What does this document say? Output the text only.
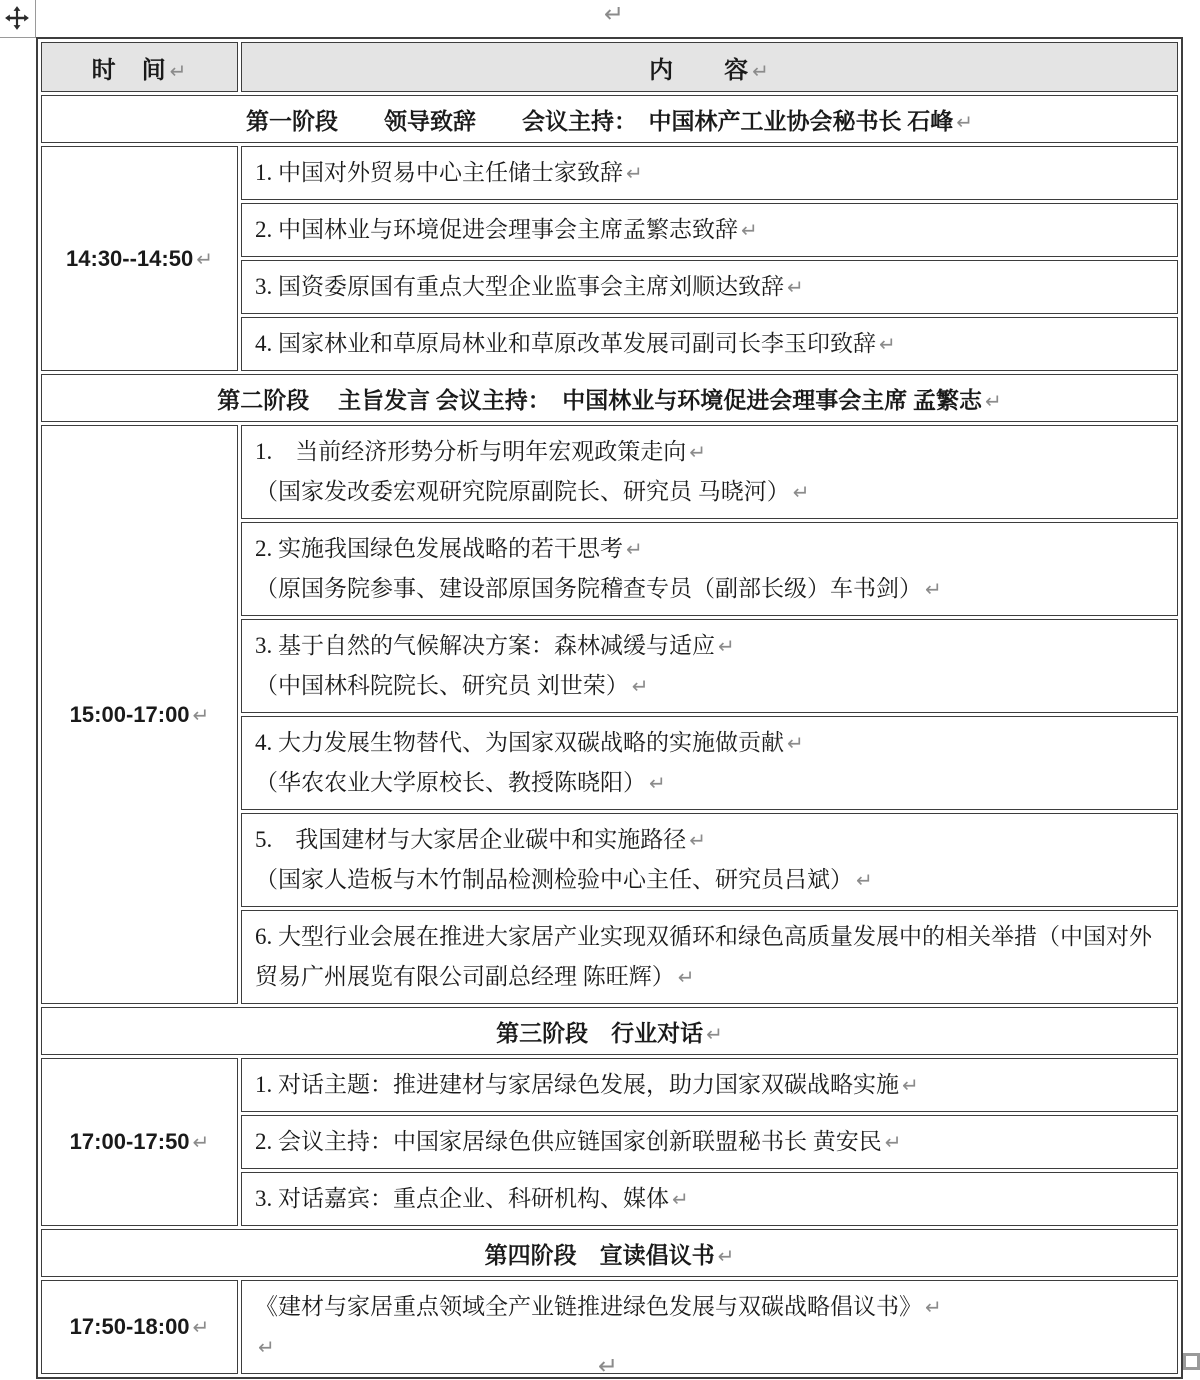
↵
时　间 ↵	内　　容 ↵
第一阶段　　领导致辞　　会议主持：　中国林产工业协会秘书长 石峰 ↵	
14:30--14:50 ↵	1. 中国对外贸易中心主任储士家致辞 ↵

	2. 中国林业与环境促进会理事会主席孟繁志致辞 ↵

	3. 国资委原国有重点大型企业监事会主席刘顺达致辞 ↵

	4. 国家林业和草原局林业和草原改革发展司副司长李玉印致辞 ↵

第二阶段　 主旨发言 会议主持：　中国林业与环境促进会理事会主席 孟繁志 ↵	
15:00-17:00 ↵	1.　当前经济形势分析与明年宏观政策走向 ↵
（国家发改委宏观研究院原副院长、研究员 马晓河） ↵

	2. 实施我国绿色发展战略的若干思考 ↵
（原国务院参事、建设部原国务院稽查专员（副部长级）车书剑） ↵

	3. 基于自然的气候解决方案：森林减缓与适应 ↵
（中国林科院院长、研究员 刘世荣） ↵

	4. 大力发展生物替代、为国家双碳战略的实施做贡献 ↵
（华农农业大学原校长、教授陈晓阳） ↵

	5.　我国建材与大家居企业碳中和实施路径 ↵
（国家人造板与木竹制品检测检验中心主任、研究员吕斌） ↵

	6. 大型行业会展在推进大家居产业实现双循环和绿色高质量发展中的相关举措（中国对外贸易广州展览有限公司副总经理 陈旺辉） ↵

第三阶段　行业对话 ↵	
17:00-17:50 ↵	1. 对话主题：推进建材与家居绿色发展，助力国家双碳战略实施 ↵

	2. 会议主持：中国家居绿色供应链国家创新联盟秘书长 黄安民 ↵

	3. 对话嘉宾：重点企业、科研机构、媒体 ↵

第四阶段　宣读倡议书 ↵	
17:50-18:00 ↵	《建材与家居重点领域全产业链推进绿色发展与双碳战略倡议书》 ↵
↵
↵
